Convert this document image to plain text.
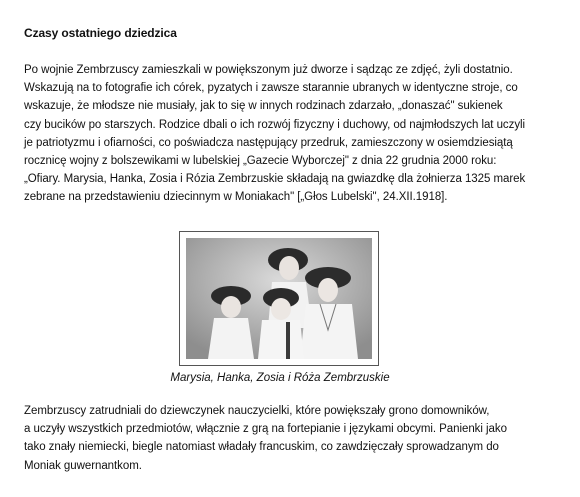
Czasy ostatniego dziedzica
Po wojnie Zembrzuscy zamieszkali w powiększonym już dworze i sądząc ze zdjęć, żyli dostatnio.
Wskazują na to fotografie ich córek, pyzatych i zawsze starannie ubranych w identyczne stroje, co
wskazuje, że młodsze nie musiały, jak to się w innych rodzinach zdarzało, „donaszać" sukienek
czy bucików po starszych. Rodzice dbali o ich rozwój fizyczny i duchowy, od najmłodszych lat uczyli
je patriotyzmu i ofiarności, co poświadcza następujący przedruk, zamieszczony w osiemdziesiątą
rocznicę wojny z bolszewikami w lubelskiej „Gazecie Wyborczej" z dnia 22 grudnia 2000 roku:
„Ofiary. Marysia, Hanka, Zosia i Rózia Zembrzuskie składają na gwiazdkę dla żołnierza 1325 marek
zebrane na przedstawieniu dziecinnym w Moniakach" [„Głos Lubelski", 24.XII.1918].
Marysia, Hanka, Zosia i Róża Zembrzuskie
Zembrzuscy zatrudniali do dziewczynek nauczycielki, które powiększały grono domowników,
a uczyły wszystkich przedmiotów, włącznie z grą na fortepianie i językami obcymi. Panienki jako
tako znały niemiecki, biegle natomiast władały francuskim, co zawdzięczały sprowadzanym do
Moniak guwernantkom.
